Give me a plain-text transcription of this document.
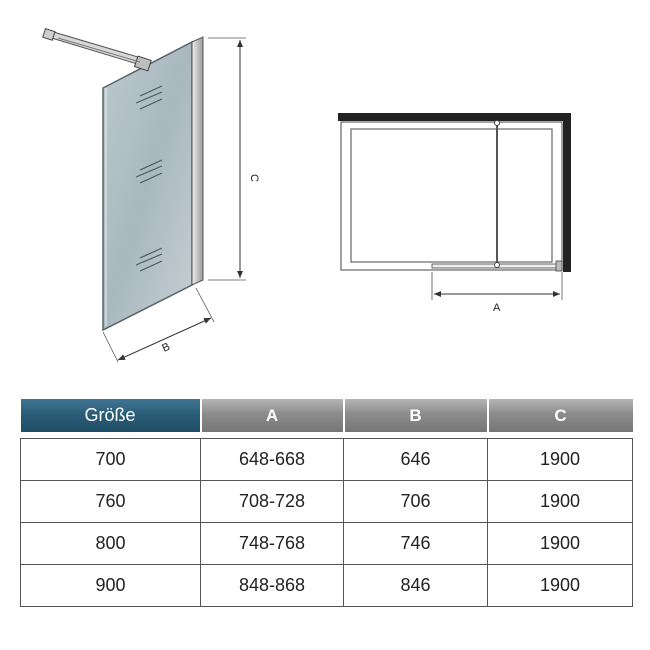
C
B
A
Größe	A	B	C

700	648-668	646	1900
760	708-728	706	1900
800	748-768	746	1900
900	848-868	846	1900
